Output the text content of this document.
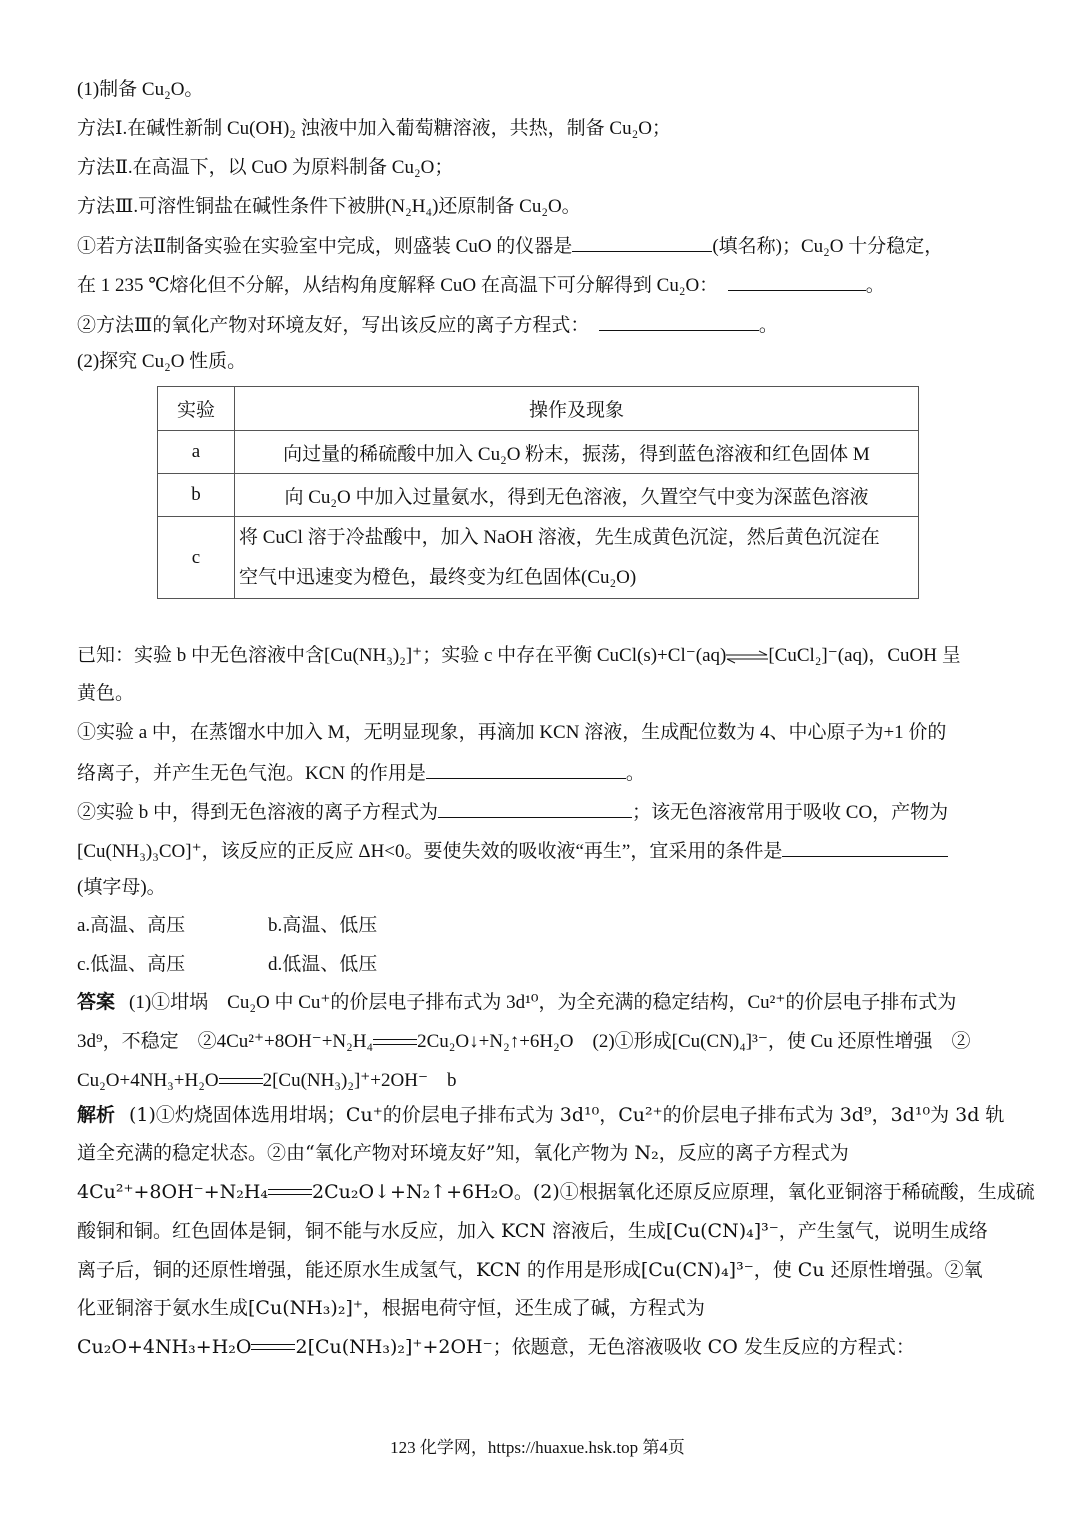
(1)制备 Cu₂O。
方法Ⅰ.在碱性新制 Cu(OH)₂ 浊液中加入葡萄糖溶液，共热，制备 Cu₂O；
方法Ⅱ.在高温下，以 CuO 为原料制备 Cu₂O；
方法Ⅲ.可溶性铜盐在碱性条件下被肼(N₂H₄)还原制备 Cu₂O。
①若方法Ⅱ制备实验在实验室中完成，则盛装 CuO 的仪器是	(填名称)；Cu₂O 十分稳定，
在 1 235 ℃熔化但不分解，从结构角度解释 CuO 在高温下可分解得到 Cu₂O：　	。
②方法Ⅲ的氧化产物对环境友好，写出该反应的离子方程式：　	。
(2)探究 Cu₂O 性质。
实验	操作及现象
a	向过量的稀硫酸中加入 Cu₂O 粉末，振荡，得到蓝色溶液和红色固体 M
b	向 Cu₂O 中加入过量氨水，得到无色溶液，久置空气中变为深蓝色溶液
c	将 CuCl 溶于冷盐酸中，加入 NaOH 溶液，先生成黄色沉淀，然后黄色沉淀在
空气中迅速变为橙色，最终变为红色固体(Cu₂O)
已知：实验 b 中无色溶液中含[Cu(NH₃)₂]⁺；实验 c 中存在平衡 CuCl(s)+Cl⁻(aq)⇌[CuCl₂]⁻(aq)，CuOH 呈
黄色。
①实验 a 中，在蒸馏水中加入 M，无明显现象，再滴加 KCN 溶液，生成配位数为 4、中心原子为+1 价的
络离子，并产生无色气泡。KCN 的作用是	。
②实验 b 中，得到无色溶液的离子方程式为	；该无色溶液常用于吸收 CO，产物为
[Cu(NH₃)₃CO]⁺，该反应的正反应 ΔH<0。要使失效的吸收液“再生”，宜采用的条件是
(填字母)。
a.高温、高压	b.高温、低压
c.低温、高压	d.低温、低压
答案 (1)①坩埚　Cu₂O 中 Cu⁺的价层电子排布式为 3d¹⁰，为全充满的稳定结构，Cu²⁺的价层电子排布式为
3d⁹，不稳定　②4Cu²⁺+8OH⁻+N₂H₄ 2Cu₂O↓+N₂↑+6H₂O　(2)①形成[Cu(CN)₄]³⁻，使 Cu 还原性增强　②
Cu₂O+4NH₃+H₂O 2[Cu(NH₃)₂]⁺+2OH⁻　b
解析 (1)①灼烧固体选用坩埚；Cu⁺的价层电子排布式为 3d¹⁰，Cu²⁺的价层电子排布式为 3d⁹，3d¹⁰为 3d 轨
道全充满的稳定状态。②由“氧化产物对环境友好”知，氧化产物为 N₂，反应的离子方程式为
4Cu²⁺+8OH⁻+N₂H₄ 2Cu₂O↓+N₂↑+6H₂O。(2)①根据氧化还原反应原理，氧化亚铜溶于稀硫酸，生成硫
酸铜和铜。红色固体是铜，铜不能与水反应，加入 KCN 溶液后，生成[Cu(CN)₄]³⁻，产生氢气，说明生成络
离子后，铜的还原性增强，能还原水生成氢气，KCN 的作用是形成[Cu(CN)₄]³⁻，使 Cu 还原性增强。②氧
化亚铜溶于氨水生成[Cu(NH₃)₂]⁺，根据电荷守恒，还生成了碱，方程式为
Cu₂O+4NH₃+H₂O 2[Cu(NH₃)₂]⁺+2OH⁻；依题意，无色溶液吸收 CO 发生反应的方程式：
123 化学网，https://huaxue.hsk.top 第4页
